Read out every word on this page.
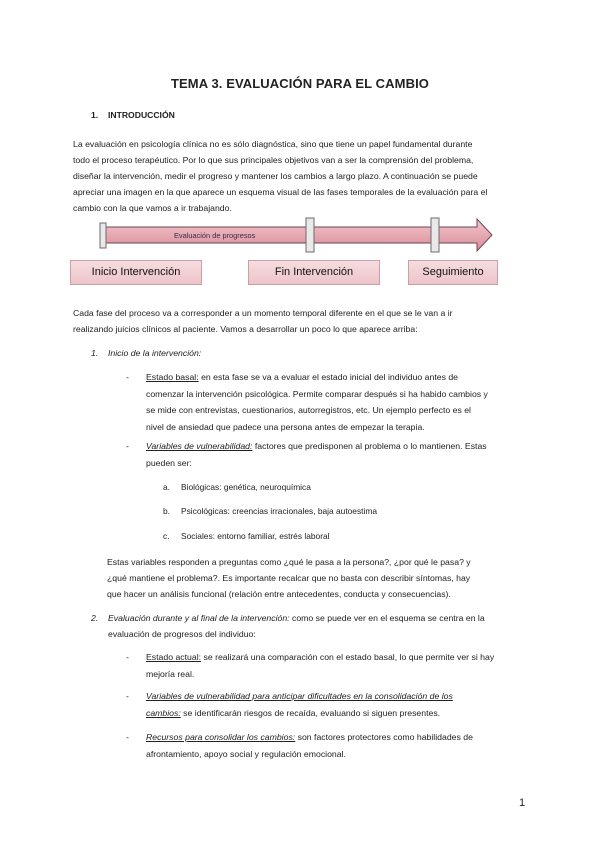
TEMA 3. EVALUACIÓN PARA EL CAMBIO
1. INTRODUCCIÓN
La evaluación en psicología clínica no es sólo diagnóstica, sino que tiene un papel fundamental durante
todo el proceso terapéutico. Por lo que sus principales objetivos van a ser la comprensión del problema,
diseñar la intervención, medir el progreso y mantener los cambios a largo plazo. A continuación se puede
apreciar una imagen en la que aparece un esquema visual de las fases temporales de la evaluación para el
cambio con la que vamos a ir trabajando.
Evaluación de progresos
Inicio Intervención	Fin Intervención	Seguimiento
Cada fase del proceso va a corresponder a un momento temporal diferente en el que se le van a ir
realizando juicios clínicos al paciente. Vamos a desarrollar un poco lo que aparece arriba:
1. Inicio de la intervención:
- Estado basal: en esta fase se va a evaluar el estado inicial del individuo antes de
comenzar la intervención psicológica. Permite comparar después si ha habido cambios y
se mide con entrevistas, cuestionarios, autorregistros, etc. Un ejemplo perfecto es el
nivel de ansiedad que padece una persona antes de empezar la terapia.
- Variables de vulnerabilidad: factores que predisponen al problema o lo mantienen. Estas
pueden ser:
a. Biológicas: genética, neuroquímica
b. Psicológicas: creencias irracionales, baja autoestima
c. Sociales: entorno familiar, estrés laboral
Estas variables responden a preguntas como ¿qué le pasa a la persona?, ¿por qué le pasa? y
¿qué mantiene el problema?. Es importante recalcar que no basta con describir síntomas, hay
que hacer un análisis funcional (relación entre antecedentes, conducta y consecuencias).
2. Evaluación durante y al final de la intervención: como se puede ver en el esquema se centra en la
evaluación de progresos del individuo:
- Estado actual: se realizará una comparación con el estado basal, lo que permite ver si hay
mejoría real.
- Variables de vulnerabilidad para anticipar dificultades en la consolidación de los
cambios: se identificarán riesgos de recaída, evaluando si siguen presentes.
- Recursos para consolidar los cambios: son factores protectores como habilidades de
afrontamiento, apoyo social y regulación emocional.
1
